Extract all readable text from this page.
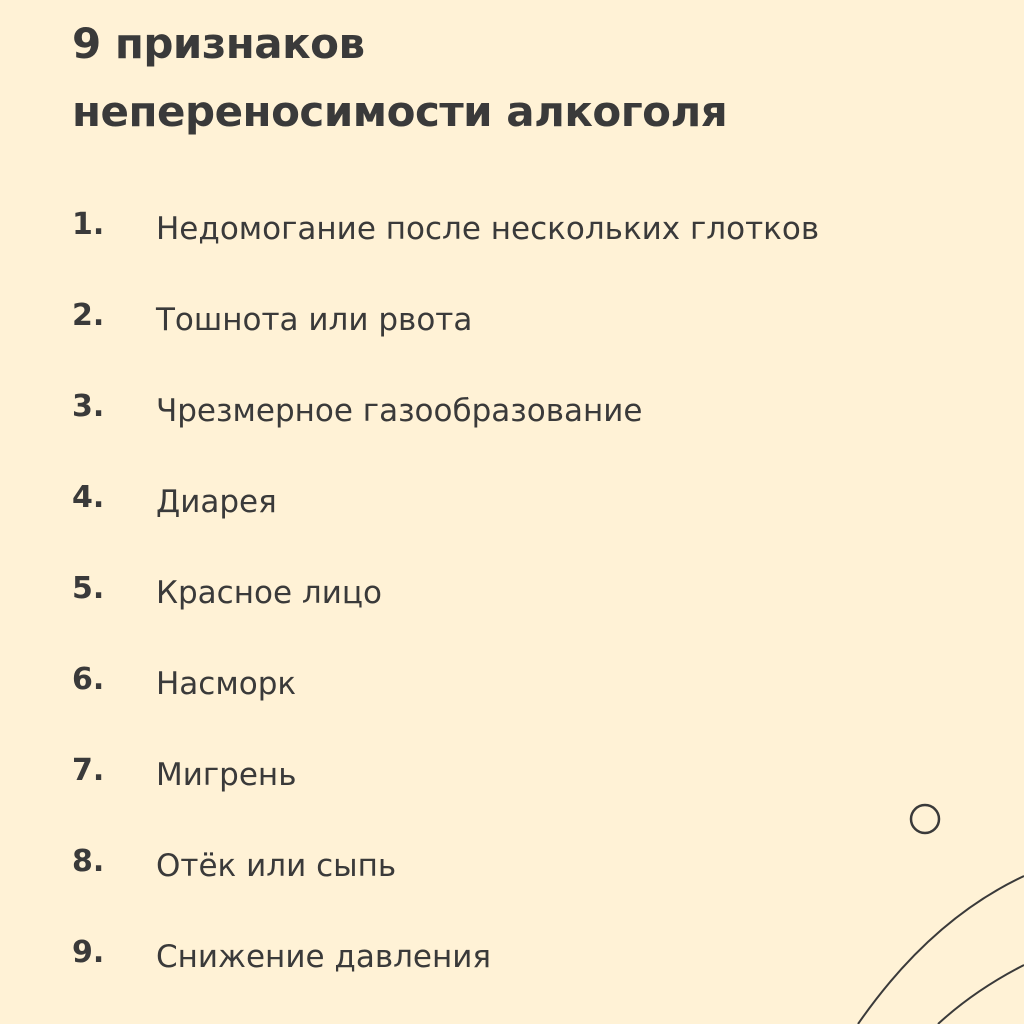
9 признаков
непереносимости алкоголя
1. Недомогание после нескольких глотков
2. Тошнота или рвота
3. Чрезмерное газообразование
4. Диарея
5. Красное лицо
6. Насморк
7. Мигрень
8. Отёк или сыпь
9. Снижение давления
